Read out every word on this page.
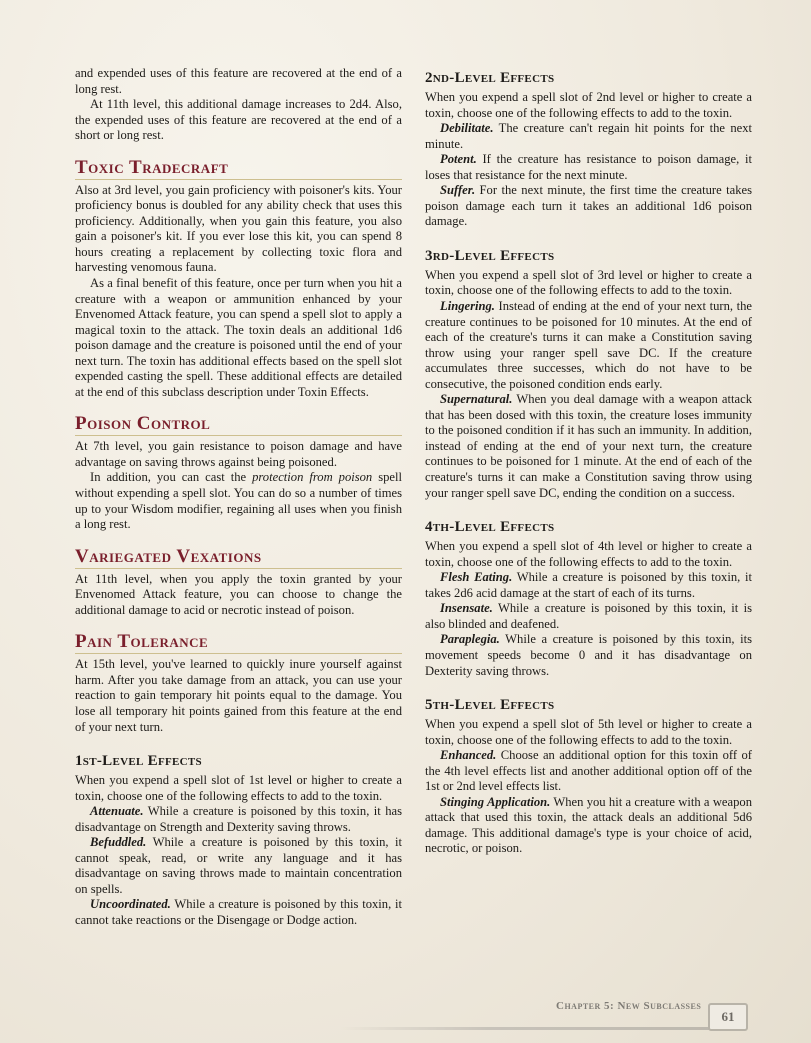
and expended uses of this feature are recovered at the end of a long rest.

At 11th level, this additional damage increases to 2d4. Also, the expended uses of this feature are recovered at the end of a short or long rest.

Toxic Tradecraft

Also at 3rd level, you gain proficiency with poisoner's kits. Your proficiency bonus is doubled for any ability check that uses this proficiency. Additionally, when you gain this feature, you also gain a poisoner's kit. If you ever lose this kit, you can spend 8 hours creating a replacement by collecting toxic flora and harvesting venomous fauna.

As a final benefit of this feature, once per turn when you hit a creature with a weapon or ammunition enhanced by your Envenomed Attack feature, you can spend a spell slot to apply a magical toxin to the attack. The toxin deals an additional 1d6 poison damage and the creature is poisoned until the end of your next turn. The toxin has additional effects based on the spell slot expended casting the spell. These additional effects are detailed at the end of this subclass description under Toxin Effects.

Poison Control

At 7th level, you gain resistance to poison damage and have advantage on saving throws against being poisoned.

In addition, you can cast the protection from poison spell without expending a spell slot. You can do so a number of times up to your Wisdom modifier, regaining all uses when you finish a long rest.

Variegated Vexations

At 11th level, when you apply the toxin granted by your Envenomed Attack feature, you can choose to change the additional damage to acid or necrotic instead of poison.

Pain Tolerance

At 15th level, you've learned to quickly inure yourself against harm. After you take damage from an attack, you can use your reaction to gain temporary hit points equal to the damage. You lose all temporary hit points gained from this feature at the end of your next turn.

1st-Level Effects

When you expend a spell slot of 1st level or higher to create a toxin, choose one of the following effects to add to the toxin.

Attenuate. While a creature is poisoned by this toxin, it has disadvantage on Strength and Dexterity saving throws.

Befuddled. While a creature is poisoned by this toxin, it cannot speak, read, or write any language and it has disadvantage on saving throws made to maintain concentration on spells.

Uncoordinated. While a creature is poisoned by this toxin, it cannot take reactions or the Disengage or Dodge action.

2nd-Level Effects

When you expend a spell slot of 2nd level or higher to create a toxin, choose one of the following effects to add to the toxin.

Debilitate. The creature can't regain hit points for the next minute.

Potent. If the creature has resistance to poison damage, it loses that resistance for the next minute.

Suffer. For the next minute, the first time the creature takes poison damage each turn it takes an additional 1d6 poison damage.

3rd-Level Effects

When you expend a spell slot of 3rd level or higher to create a toxin, choose one of the following effects to add to the toxin.

Lingering. Instead of ending at the end of your next turn, the creature continues to be poisoned for 10 minutes. At the end of each of the creature's turns it can make a Constitution saving throw using your ranger spell save DC. If the creature accumulates three successes, which do not have to be consecutive, the poisoned condition ends early.

Supernatural. When you deal damage with a weapon attack that has been dosed with this toxin, the creature loses immunity to the poisoned condition if it has such an immunity. In addition, instead of ending at the end of your next turn, the creature continues to be poisoned for 1 minute. At the end of each of the creature's turns it can make a Constitution saving throw using your ranger spell save DC, ending the condition on a success.

4th-Level Effects

When you expend a spell slot of 4th level or higher to create a toxin, choose one of the following effects to add to the toxin.

Flesh Eating. While a creature is poisoned by this toxin, it takes 2d6 acid damage at the start of each of its turns.

Insensate. While a creature is poisoned by this toxin, it is also blinded and deafened.

Paraplegia. While a creature is poisoned by this toxin, its movement speeds become 0 and it has disadvantage on Dexterity saving throws.

5th-Level Effects

When you expend a spell slot of 5th level or higher to create a toxin, choose one of the following effects to add to the toxin.

Enhanced. Choose an additional option for this toxin off of the 4th level effects list and another additional option off of the 1st or 2nd level effects list.

Stinging Application. When you hit a creature with a weapon attack that used this toxin, the attack deals an additional 5d6 damage. This additional damage's type is your choice of acid, necrotic, or poison.

Chapter 5: New Subclasses
61
